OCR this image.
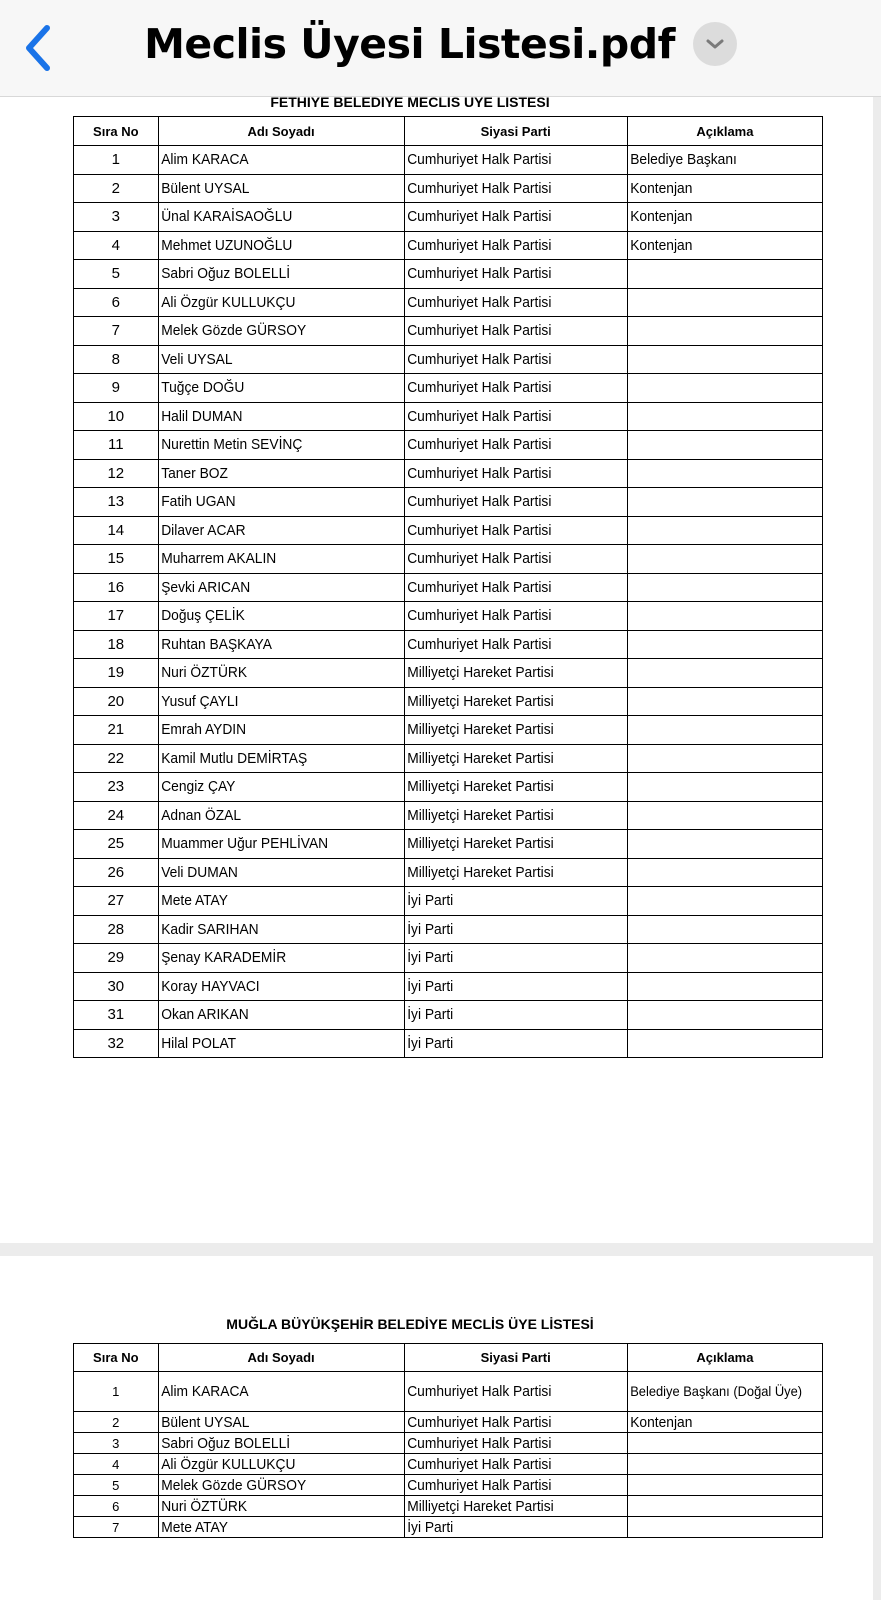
Meclis Üyesi Listesi.pdf
FETHIYE BELEDIYE MECLIS UYE LISTESI
Sıra No	Adı Soyadı	Siyasi Parti	Açıklama
1	Alim KARACA	Cumhuriyet Halk Partisi	Belediye Başkanı
2	Bülent UYSAL	Cumhuriyet Halk Partisi	Kontenjan
3	Ünal KARAİSAOĞLU	Cumhuriyet Halk Partisi	Kontenjan
4	Mehmet UZUNOĞLU	Cumhuriyet Halk Partisi	Kontenjan
5	Sabri Oğuz BOLELLİ	Cumhuriyet Halk Partisi	
6	Ali Özgür KULLUKÇU	Cumhuriyet Halk Partisi	
7	Melek Gözde GÜRSOY	Cumhuriyet Halk Partisi	
8	Veli UYSAL	Cumhuriyet Halk Partisi	
9	Tuğçe DOĞU	Cumhuriyet Halk Partisi	
10	Halil DUMAN	Cumhuriyet Halk Partisi	
11	Nurettin Metin SEVİNÇ	Cumhuriyet Halk Partisi	
12	Taner BOZ	Cumhuriyet Halk Partisi	
13	Fatih UGAN	Cumhuriyet Halk Partisi	
14	Dilaver ACAR	Cumhuriyet Halk Partisi	
15	Muharrem AKALIN	Cumhuriyet Halk Partisi	
16	Şevki ARICAN	Cumhuriyet Halk Partisi	
17	Doğuş ÇELİK	Cumhuriyet Halk Partisi	
18	Ruhtan BAŞKAYA	Cumhuriyet Halk Partisi	
19	Nuri ÖZTÜRK	Milliyetçi Hareket Partisi	
20	Yusuf ÇAYLI	Milliyetçi Hareket Partisi	
21	Emrah AYDIN	Milliyetçi Hareket Partisi	
22	Kamil Mutlu DEMİRTAŞ	Milliyetçi Hareket Partisi	
23	Cengiz ÇAY	Milliyetçi Hareket Partisi	
24	Adnan ÖZAL	Milliyetçi Hareket Partisi	
25	Muammer Uğur PEHLİVAN	Milliyetçi Hareket Partisi	
26	Veli DUMAN	Milliyetçi Hareket Partisi	
27	Mete ATAY	İyi Parti	
28	Kadir SARIHAN	İyi Parti	
29	Şenay KARADEMİR	İyi Parti	
30	Koray HAYVACI	İyi Parti	
31	Okan ARIKAN	İyi Parti	
32	Hilal POLAT	İyi Parti	
MUĞLA BÜYÜKŞEHİR BELEDİYE MECLİS ÜYE LİSTESİ
Sıra No	Adı Soyadı	Siyasi Parti	Açıklama
1	Alim KARACA	Cumhuriyet Halk Partisi	Belediye Başkanı (Doğal Üye)
2	Bülent UYSAL	Cumhuriyet Halk Partisi	Kontenjan
3	Sabri Oğuz BOLELLİ	Cumhuriyet Halk Partisi	
4	Ali Özgür KULLUKÇU	Cumhuriyet Halk Partisi	
5	Melek Gözde GÜRSOY	Cumhuriyet Halk Partisi	
6	Nuri ÖZTÜRK	Milliyetçi Hareket Partisi	
7	Mete ATAY	İyi Parti	
